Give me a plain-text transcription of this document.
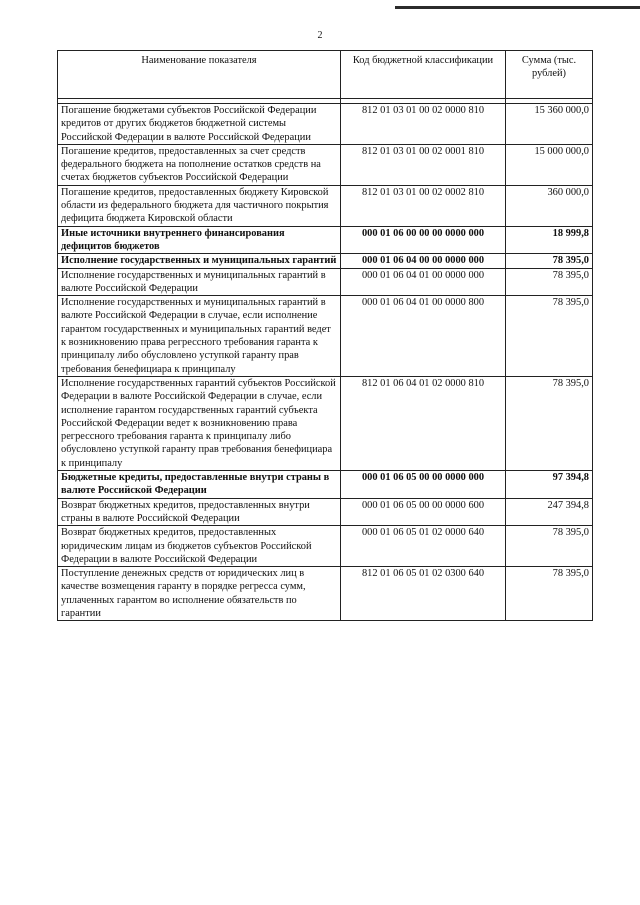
2
Наименование показателя	Код бюджетной классификации	Сумма (тыс. рублей)

Погашение бюджетами субъектов Российской Федерации кредитов от других бюджетов бюджетной системы Российской Федерации в валюте Российской Федерации	812 01 03 01 00 02 0000 810	15 360 000,0
Погашение кредитов, предоставленных за счет средств федерального бюджета на пополнение остатков средств на счетах бюджетов субъектов Российской Федерации	812 01 03 01 00 02 0001 810	15 000 000,0
Погашение кредитов, предоставленных бюджету Кировской области из федерального бюджета для частичного покрытия дефицита бюджета Кировской области	812 01 03 01 00 02 0002 810	360 000,0
Иные источники внутреннего финансирования дефицитов бюджетов	000 01 06 00 00 00 0000 000	18 999,8
Исполнение государственных и муниципальных гарантий	000 01 06 04 00 00 0000 000	78 395,0
Исполнение государственных и муниципальных гарантий в валюте Российской Федерации	000 01 06 04 01 00 0000 000	78 395,0
Исполнение государственных и муниципальных гарантий в валюте Российской Федерации в случае, если исполнение гарантом государственных и муниципальных гарантий ведет к возникновению права регрессного требования гаранта к принципалу либо обусловлено уступкой гаранту прав требования бенефициара к принципалу	000 01 06 04 01 00 0000 800	78 395,0
Исполнение государственных гарантий субъектов Российской Федерации в валюте Российской Федерации в случае, если исполнение гарантом государственных гарантий субъекта Российской Федерации ведет к возникновению права регрессного требования гаранта к принципалу либо обусловлено уступкой гаранту прав требования бенефициара к принципалу	812 01 06 04 01 02 0000 810	78 395,0
Бюджетные кредиты, предоставленные внутри страны в валюте Российской Федерации	000 01 06 05 00 00 0000 000	97 394,8
Возврат бюджетных кредитов, предоставленных внутри страны в валюте Российской Федерации	000 01 06 05 00 00 0000 600	247 394,8
Возврат бюджетных кредитов, предоставленных юридическим лицам из бюджетов субъектов Российской Федерации в валюте Российской Федерации	000 01 06 05 01 02 0000 640	78 395,0
Поступление денежных средств от юридических лиц в качестве возмещения гаранту в порядке регресса сумм, уплаченных гарантом во исполнение обязательств по гарантии	812 01 06 05 01 02 0300 640	78 395,0
